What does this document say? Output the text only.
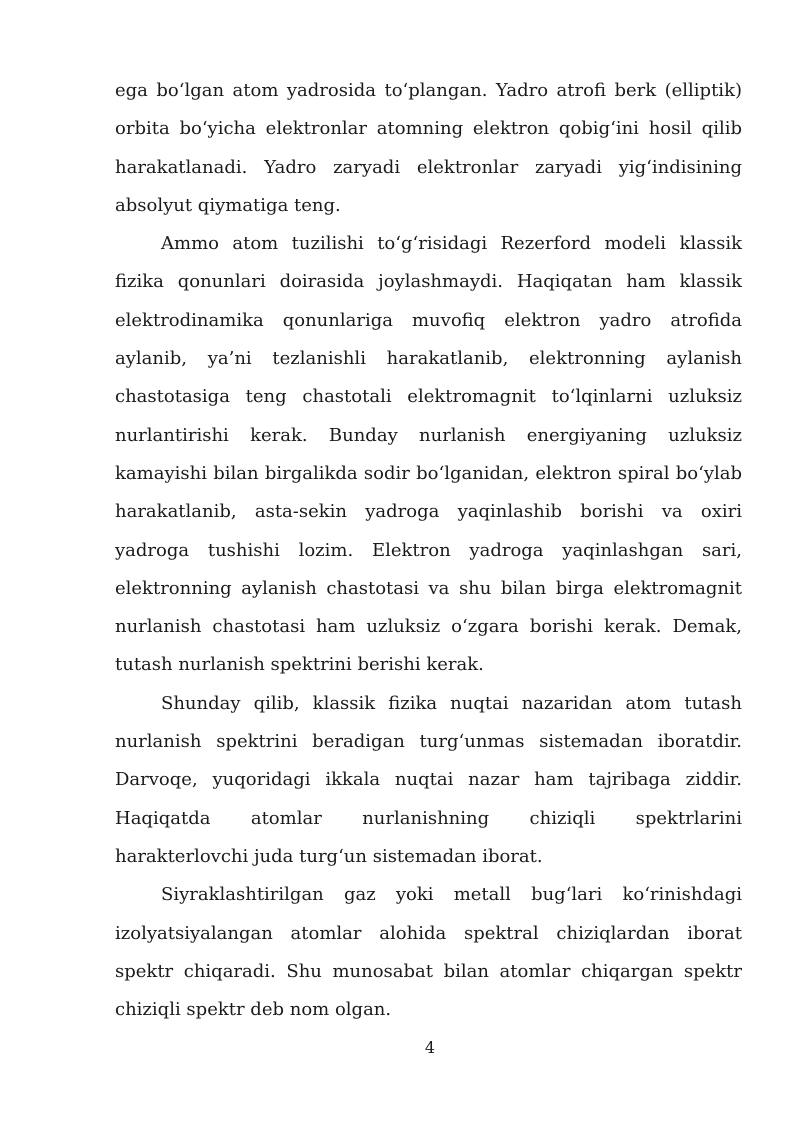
ega bo‘lgan atom yadrosida to‘plangan. Yadro atrofi berk (elliptik) orbita bo‘yicha elektronlar atomning elektron qobig‘ini hosil qilib harakatlanadi. Yadro zaryadi elektronlar zaryadi yig‘indisining absolyut qiymatiga teng.

Ammo atom tuzilishi to‘g‘risidagi Rezerford modeli klassik fizika qonunlari doirasida joylashmaydi. Haqiqatan ham klassik elektrodinamika qonunlariga muvofiq elektron yadro atrofida aylanib, ya’ni tezlanishli harakatlanib, elektronning aylanish chastotasiga teng chastotali elektromagnit to‘lqinlarni uzluksiz nurlantirishi kerak. Bunday nurlanish energiyaning uzluksiz kamayishi bilan birgalikda sodir bo‘lganidan, elektron spiral bo‘ylab harakatlanib, asta-sekin yadroga yaqinlashib borishi va oxiri yadroga tushishi lozim. Elektron yadroga yaqinlashgan sari, elektronning aylanish chastotasi va shu bilan birga elektromagnit nurlanish chastotasi ham uzluksiz o‘zgara borishi kerak. Demak, tutash nurlanish spektrini berishi kerak.

Shunday qilib, klassik fizika nuqtai nazaridan atom tutash nurlanish spektrini beradigan turg‘unmas sistemadan iboratdir. Darvoqe, yuqoridagi ikkala nuqtai nazar ham tajribaga ziddir. Haqiqatda atomlar nurlanishning chiziqli spektrlarini harakterlovchi juda turg‘un sistemadan iborat.

Siyraklashtirilgan gaz yoki metall bug‘lari ko‘rinishdagi izolyatsiyalangan atomlar alohida spektral chiziqlardan iborat spektr chiqaradi. Shu munosabat bilan atomlar chiqargan spektr chiziqli spektr deb nom olgan.

4
